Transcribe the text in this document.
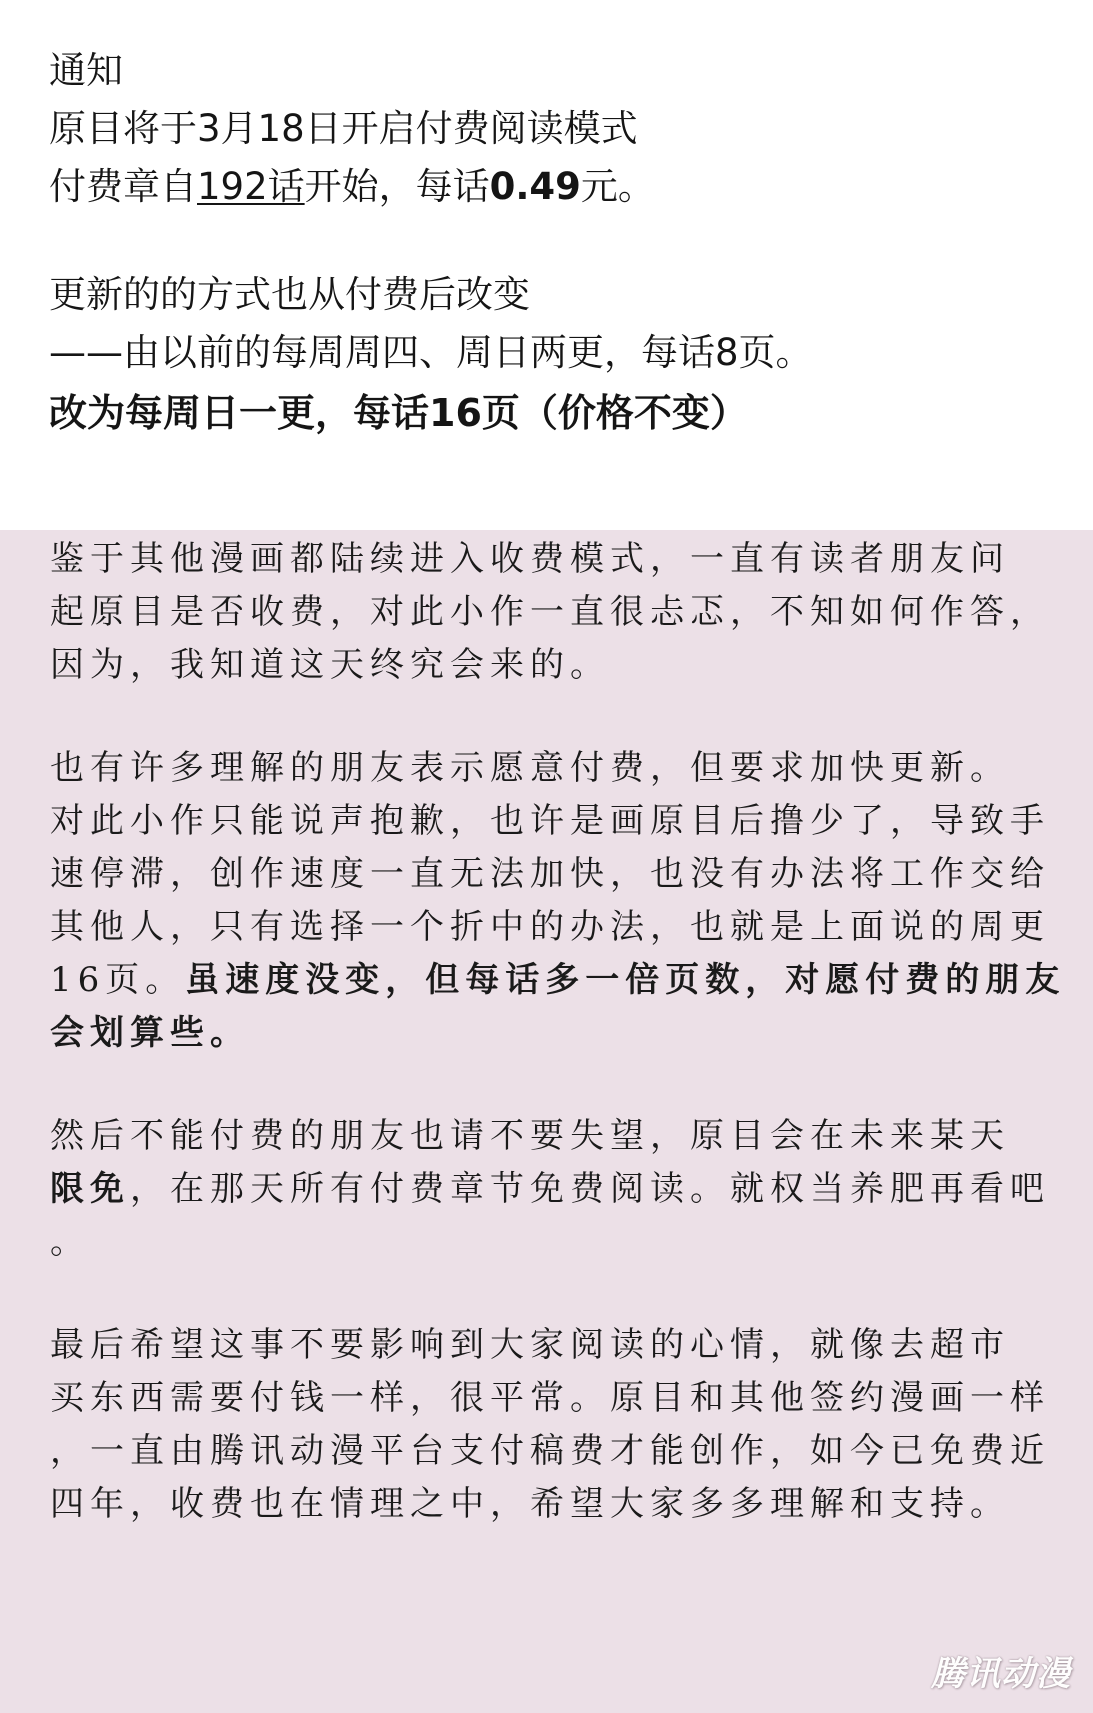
通知
原目将于3月18日开启付费阅读模式
付费章自192话开始，每话0.49元。
更新的的方式也从付费后改变
——由以前的每周周四、周日两更，每话8页。
改为每周日一更，每话16页（价格不变）
鉴于其他漫画都陆续进入收费模式，一直有读者朋友问
起原目是否收费，对此小作一直很忐忑，不知如何作答，
因为，我知道这天终究会来的。
也有许多理解的朋友表示愿意付费，但要求加快更新。
对此小作只能说声抱歉，也许是画原目后撸少了，导致手
速停滞，创作速度一直无法加快，也没有办法将工作交给
其他人，只有选择一个折中的办法，也就是上面说的周更
16页。虽速度没变，但每话多一倍页数，对愿付费的朋友
会划算些。
然后不能付费的朋友也请不要失望，原目会在未来某天
限免，在那天所有付费章节免费阅读。就权当养肥再看吧
。
最后希望这事不要影响到大家阅读的心情，就像去超市
买东西需要付钱一样，很平常。原目和其他签约漫画一样
，一直由腾讯动漫平台支付稿费才能创作，如今已免费近
四年，收费也在情理之中，希望大家多多理解和支持。
腾讯动漫
